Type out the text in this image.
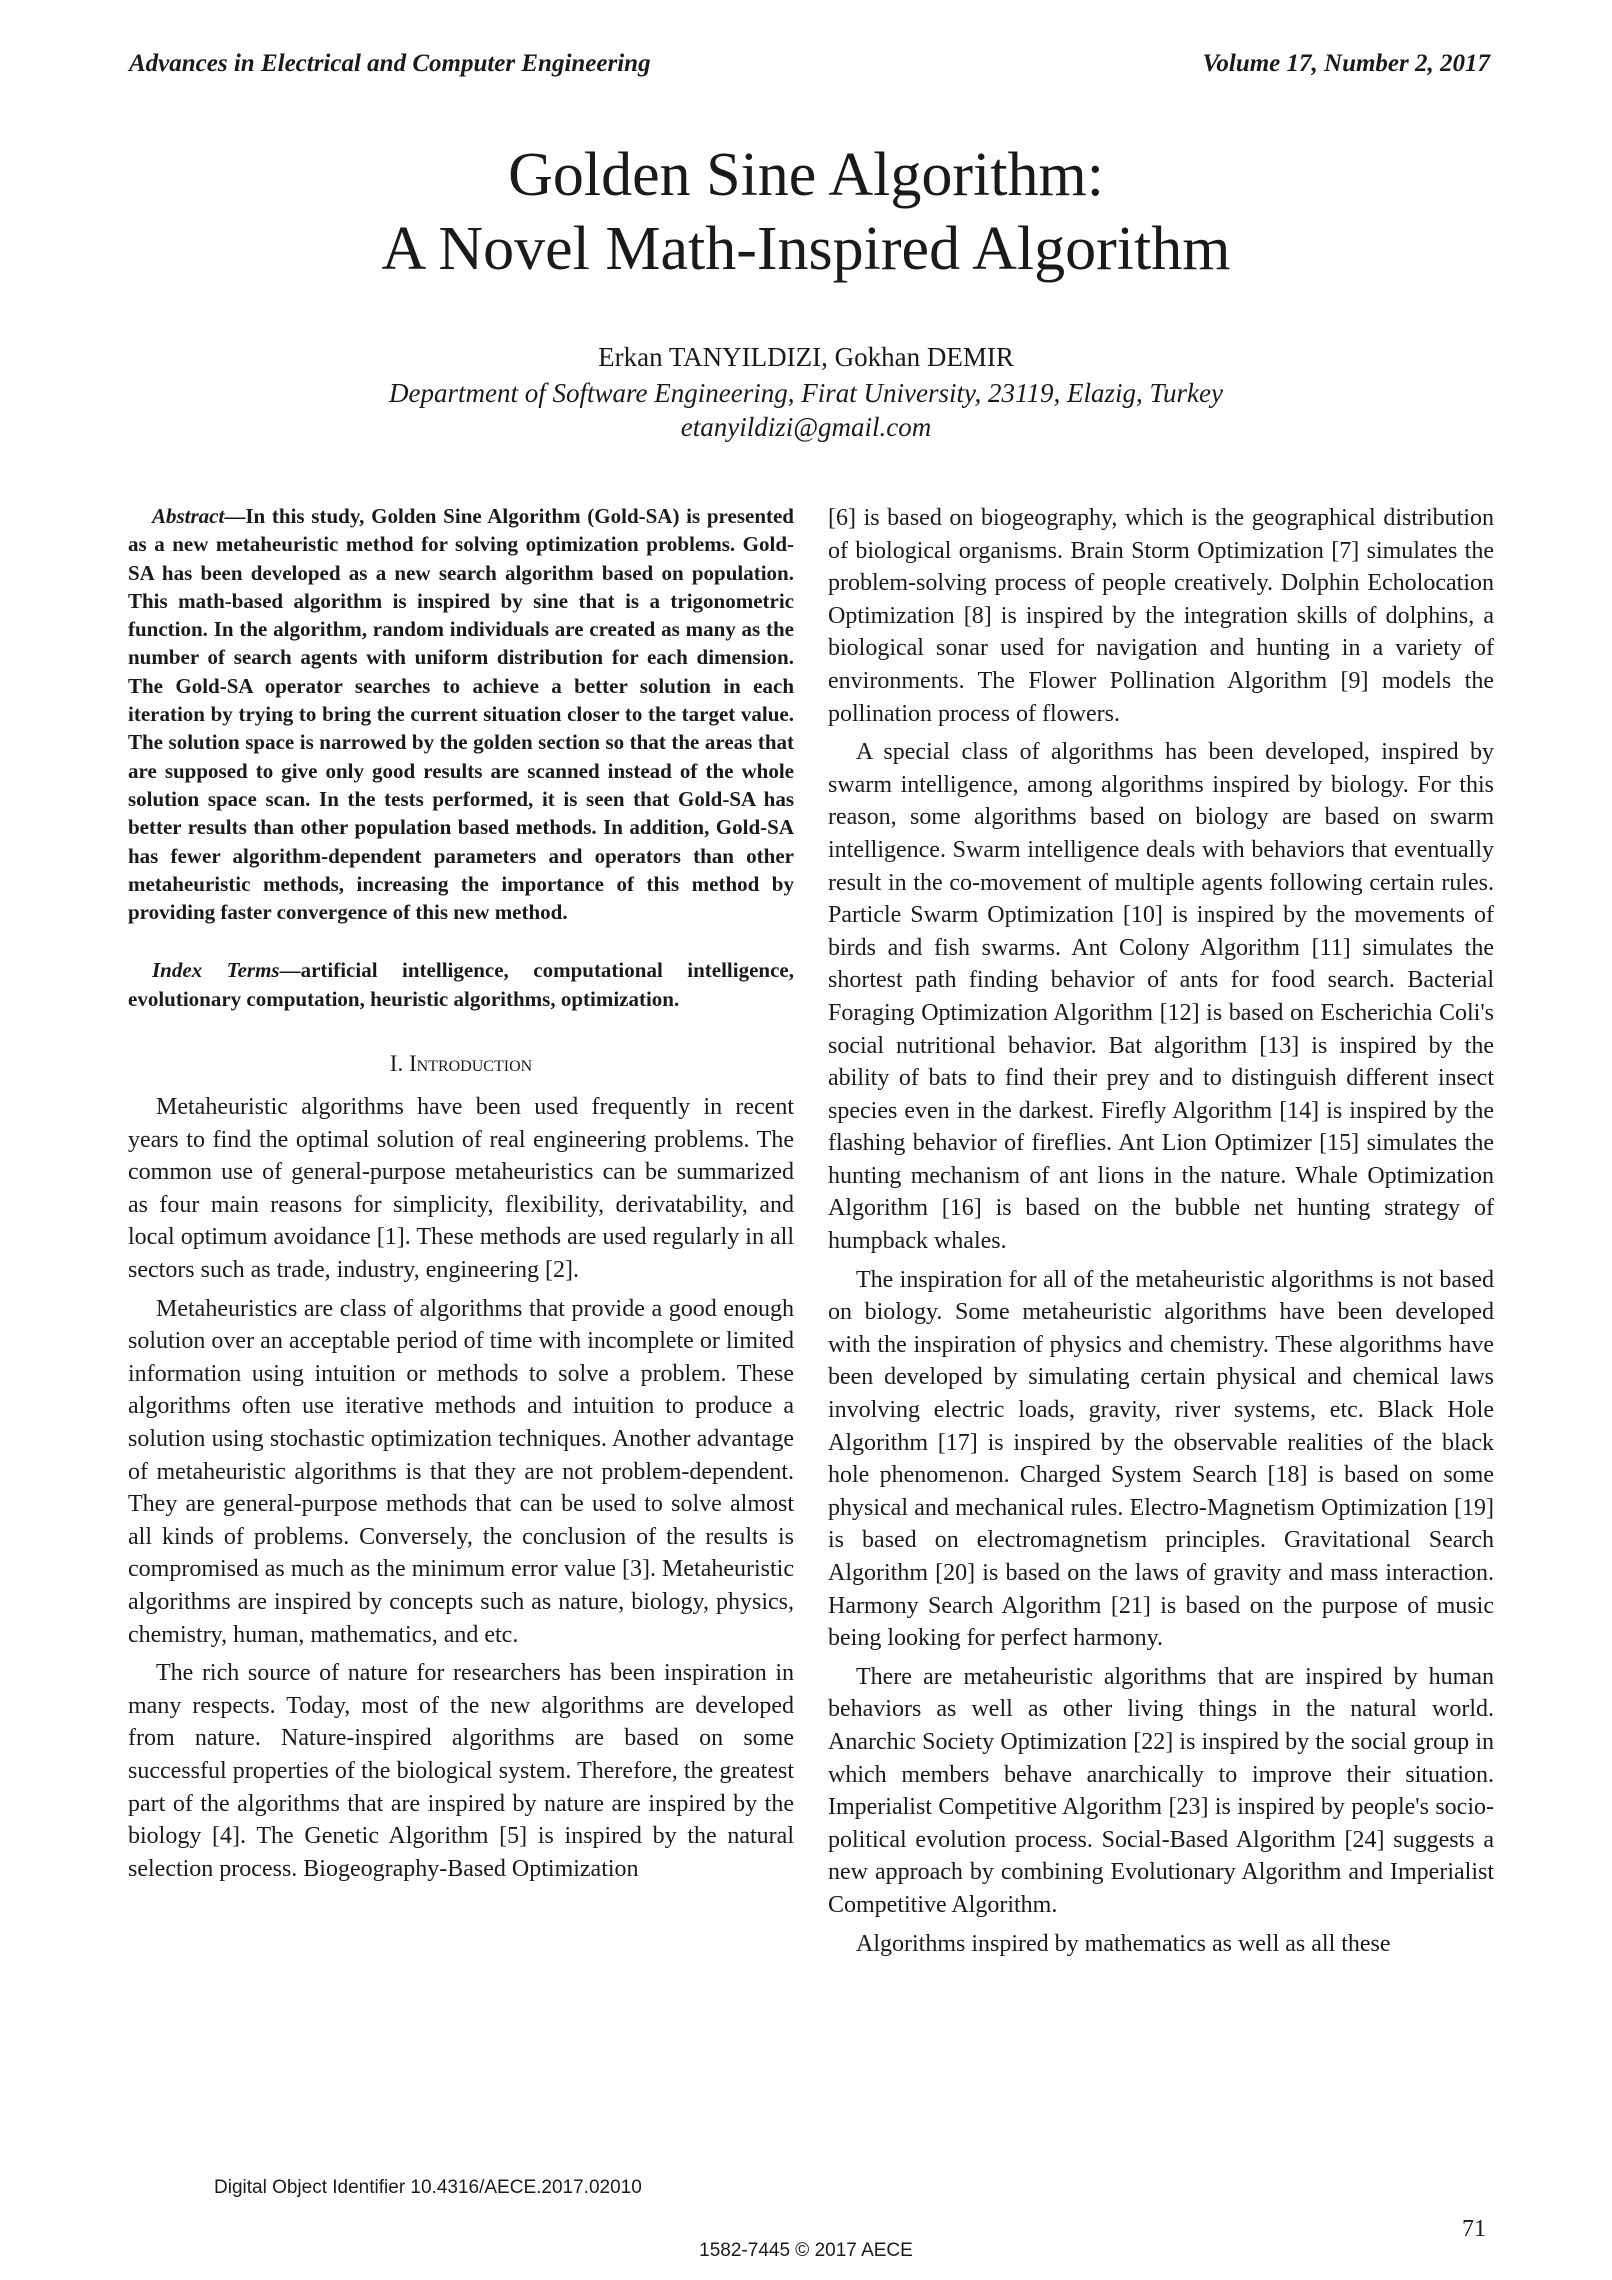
Advances in Electrical and Computer Engineering	Volume 17, Number 2, 2017
Golden Sine Algorithm:
A Novel Math-Inspired Algorithm
Erkan TANYILDIZI, Gokhan DEMIR
Department of Software Engineering, Firat University, 23119, Elazig, Turkey
etanyildizi@gmail.com

Abstract—In this study, Golden Sine Algorithm (Gold-SA) is presented as a new metaheuristic method for solving optimization problems. Gold-SA has been developed as a new search algorithm based on population. This math-based algorithm is inspired by sine that is a trigonometric function. In the algorithm, random individuals are created as many as the number of search agents with uniform distribution for each dimension. The Gold-SA operator searches to achieve a better solution in each iteration by trying to bring the current situation closer to the target value. The solution space is narrowed by the golden section so that the areas that are supposed to give only good results are scanned instead of the whole solution space scan. In the tests performed, it is seen that Gold-SA has better results than other population based methods. In addition, Gold-SA has fewer algorithm-dependent parameters and operators than other metaheuristic methods, increasing the importance of this method by providing faster convergence of this new method.

Index Terms—artificial intelligence, computational intelligence, evolutionary computation, heuristic algorithms, optimization.

I. Introduction

Metaheuristic algorithms have been used frequently in recent years to find the optimal solution of real engineering problems. The common use of general-purpose metaheuristics can be summarized as four main reasons for simplicity, flexibility, derivatability, and local optimum avoidance [1]. These methods are used regularly in all sectors such as trade, industry, engineering [2].

Metaheuristics are class of algorithms that provide a good enough solution over an acceptable period of time with incomplete or limited information using intuition or methods to solve a problem. These algorithms often use iterative methods and intuition to produce a solution using stochastic optimization techniques. Another advantage of metaheuristic algorithms is that they are not problem-dependent. They are general-purpose methods that can be used to solve almost all kinds of problems. Conversely, the conclusion of the results is compromised as much as the minimum error value [3]. Metaheuristic algorithms are inspired by concepts such as nature, biology, physics, chemistry, human, mathematics, and etc.

The rich source of nature for researchers has been inspiration in many respects. Today, most of the new algorithms are developed from nature. Nature-inspired algorithms are based on some successful properties of the biological system. Therefore, the greatest part of the algorithms that are inspired by nature are inspired by the biology [4]. The Genetic Algorithm [5] is inspired by the natural selection process. Biogeography-Based Optimization

[6] is based on biogeography, which is the geographical distribution of biological organisms. Brain Storm Optimization [7] simulates the problem-solving process of people creatively. Dolphin Echolocation Optimization [8] is inspired by the integration skills of dolphins, a biological sonar used for navigation and hunting in a variety of environments. The Flower Pollination Algorithm [9] models the pollination process of flowers.

A special class of algorithms has been developed, inspired by swarm intelligence, among algorithms inspired by biology. For this reason, some algorithms based on biology are based on swarm intelligence. Swarm intelligence deals with behaviors that eventually result in the co-movement of multiple agents following certain rules. Particle Swarm Optimization [10] is inspired by the movements of birds and fish swarms. Ant Colony Algorithm [11] simulates the shortest path finding behavior of ants for food search. Bacterial Foraging Optimization Algorithm [12] is based on Escherichia Coli's social nutritional behavior. Bat algorithm [13] is inspired by the ability of bats to find their prey and to distinguish different insect species even in the darkest. Firefly Algorithm [14] is inspired by the flashing behavior of fireflies. Ant Lion Optimizer [15] simulates the hunting mechanism of ant lions in the nature. Whale Optimization Algorithm [16] is based on the bubble net hunting strategy of humpback whales.

The inspiration for all of the metaheuristic algorithms is not based on biology. Some metaheuristic algorithms have been developed with the inspiration of physics and chemistry. These algorithms have been developed by simulating certain physical and chemical laws involving electric loads, gravity, river systems, etc. Black Hole Algorithm [17] is inspired by the observable realities of the black hole phenomenon. Charged System Search [18] is based on some physical and mechanical rules. Electro-Magnetism Optimization [19] is based on electromagnetism principles. Gravitational Search Algorithm [20] is based on the laws of gravity and mass interaction. Harmony Search Algorithm [21] is based on the purpose of music being looking for perfect harmony.

There are metaheuristic algorithms that are inspired by human behaviors as well as other living things in the natural world. Anarchic Society Optimization [22] is inspired by the social group in which members behave anarchically to improve their situation. Imperialist Competitive Algorithm [23] is inspired by people's socio-political evolution process. Social-Based Algorithm [24] suggests a new approach by combining Evolutionary Algorithm and Imperialist Competitive Algorithm.

Algorithms inspired by mathematics as well as all these

Digital Object Identifier 10.4316/AECE.2017.02010
71
1582-7445 © 2017 AECE
